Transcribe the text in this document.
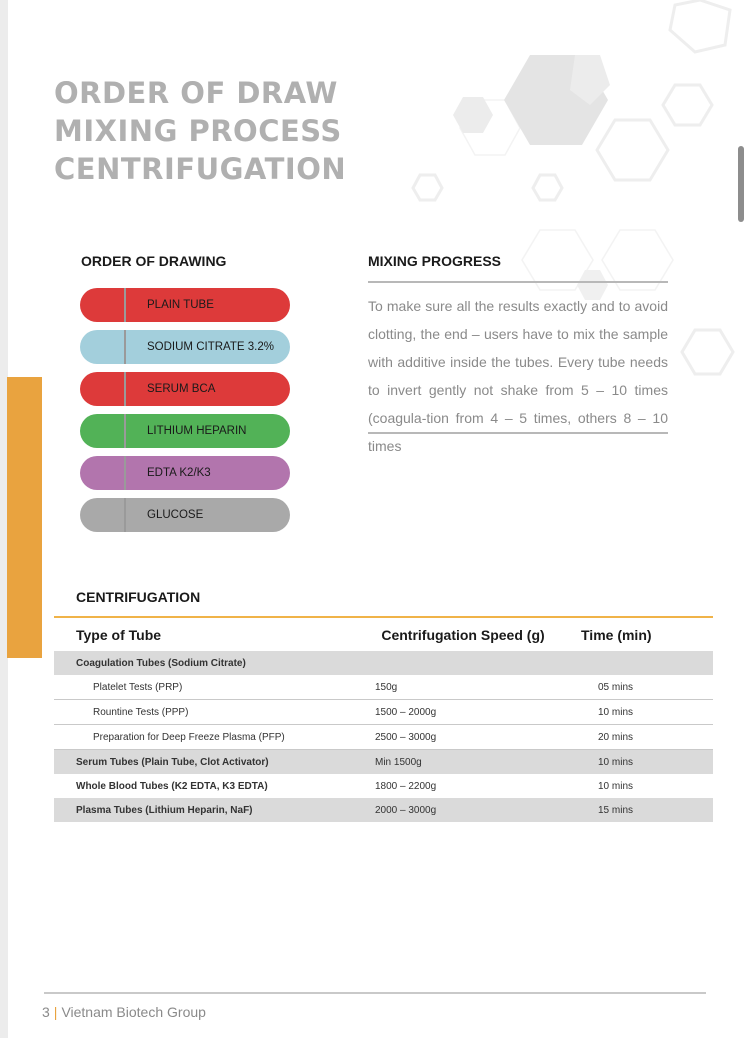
ORDER OF DRAW
MIXING PROCESS
CENTRIFUGATION
ORDER OF DRAWING
PLAIN TUBE
SODIUM CITRATE 3.2%
SERUM BCA
LITHIUM HEPARIN
EDTA K2/K3
GLUCOSE
MIXING PROGRESS
To make sure all the results exactly and to avoid clotting, the end – users have to mix the sample with additive inside the tubes. Every tube needs to invert gently not shake from 5 – 10 times (coagula-tion from 4 – 5 times, others 8 – 10 times
CENTRIFUGATION
Type of Tube	Centrifugation Speed (g)	Time (min)
Coagulation Tubes (Sodium Citrate)		
Platelet Tests (PRP)	150g	05 mins
Rountine Tests (PPP)	1500 – 2000g	10 mins
Preparation for Deep Freeze Plasma (PFP)	2500 – 3000g	20 mins
Serum Tubes (Plain Tube, Clot Activator)	Min 1500g	10 mins
Whole Blood Tubes (K2 EDTA, K3 EDTA)	1800 – 2200g	10 mins
Plasma Tubes (Lithium Heparin, NaF)	2000 – 3000g	15 mins
3 | Vietnam Biotech Group
